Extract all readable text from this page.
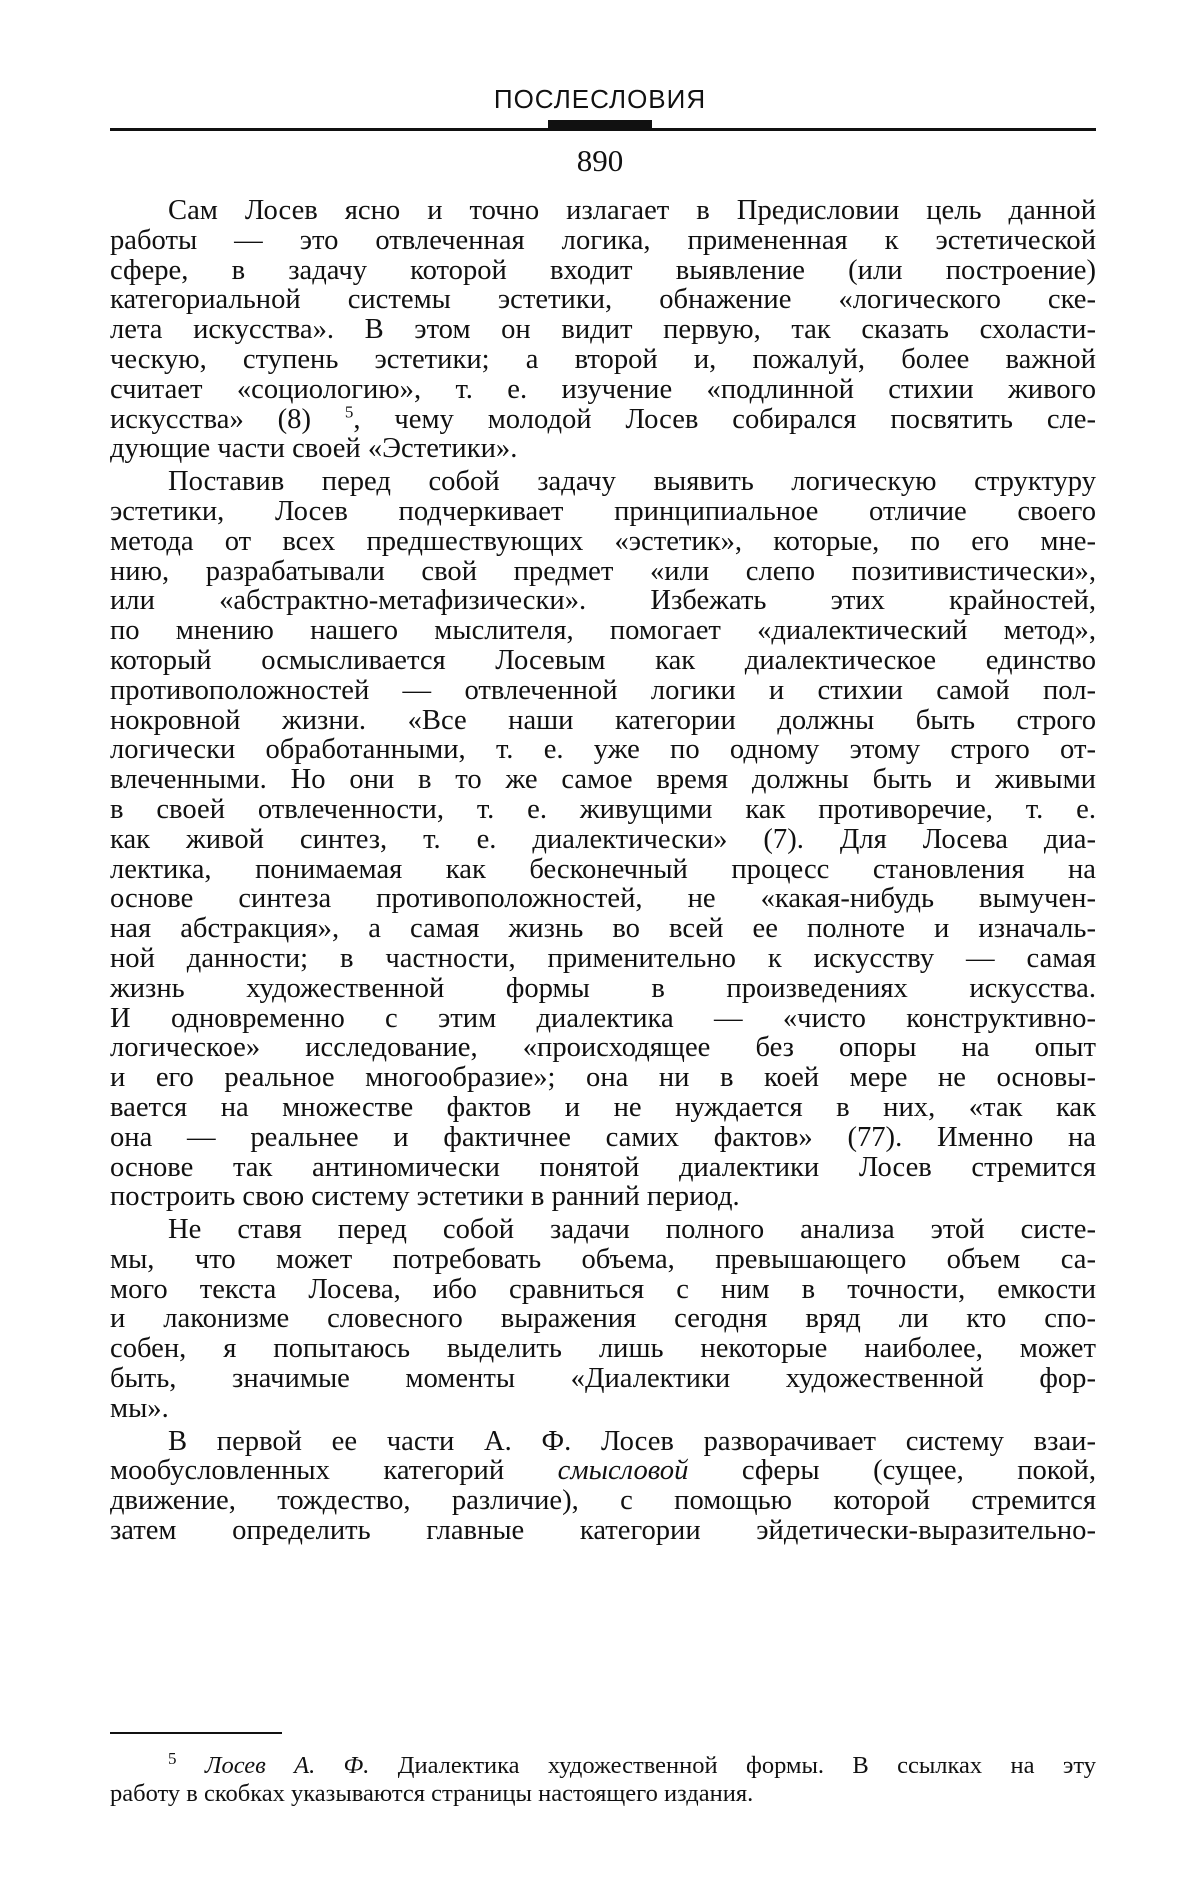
ПОСЛЕСЛОВИЯ
890

Сам Лосев ясно и точно излагает в Предисловии цель данной
работы — это отвлеченная логика, примененная к эстетической
сфере, в задачу которой входит выявление (или построение)
категориальной системы эстетики, обнажение «логического ске-
лета искусства». В этом он видит первую, так сказать схоласти-
ческую, ступень эстетики; а второй и, пожалуй, более важной
считает «социологию», т. е. изучение «подлинной стихии живого
искусства» (8) $^5$, чему молодой Лосев собирался посвятить сле-
дующие части своей «Эстетики».

Поставив перед собой задачу выявить логическую структуру
эстетики, Лосев подчеркивает принципиальное отличие своего
метода от всех предшествующих «эстетик», которые, по его мне-
нию, разрабатывали свой предмет «или слепо позитивистически»,
или «абстрактно-метафизически». Избежать этих крайностей,
по мнению нашего мыслителя, помогает «диалектический метод»,
который осмысливается Лосевым как диалектическое единство
противоположностей — отвлеченной логики и стихии самой пол-
нокровной жизни. «Все наши категории должны быть строго
логически обработанными, т. е. уже по одному этому строго от-
влеченными. Но они в то же самое время должны быть и живыми
в своей отвлеченности, т. е. живущими как противоречие, т. е.
как живой синтез, т. е. диалектически» (7). Для Лосева диа-
лектика, понимаемая как бесконечный процесс становления на
основе синтеза противоположностей, не «какая-нибудь вымучен-
ная абстракция», а самая жизнь во всей ее полноте и изначаль-
ной данности; в частности, применительно к искусству — самая
жизнь художественной формы в произведениях искусства.
И одновременно с этим диалектика — «чисто конструктивно-
логическое» исследование, «происходящее без опоры на опыт
и его реальное многообразие»; она ни в коей мере не основы-
вается на множестве фактов и не нуждается в них, «так как
она — реальнее и фактичнее самих фактов» (77). Именно на
основе так антиномически понятой диалектики Лосев стремится
построить свою систему эстетики в ранний период.

Не ставя перед собой задачи полного анализа этой систе-
мы, что может потребовать объема, превышающего объем са-
мого текста Лосева, ибо сравниться с ним в точности, емкости
и лаконизме словесного выражения сегодня вряд ли кто спо-
собен, я попытаюсь выделить лишь некоторые наиболее, может
быть, значимые моменты «Диалектики художественной фор-
мы».

В первой ее части А. Ф. Лосев разворачивает систему взаи-
мообусловленных категорий смысловой сферы (сущее, покой,
движение, тождество, различие), с помощью которой стремится
затем определить главные категории эйдетически-выразительно-

$^5$ Лосев А. Ф. Диалектика художественной формы. В ссылках на эту
работу в скобках указываются страницы настоящего издания.
